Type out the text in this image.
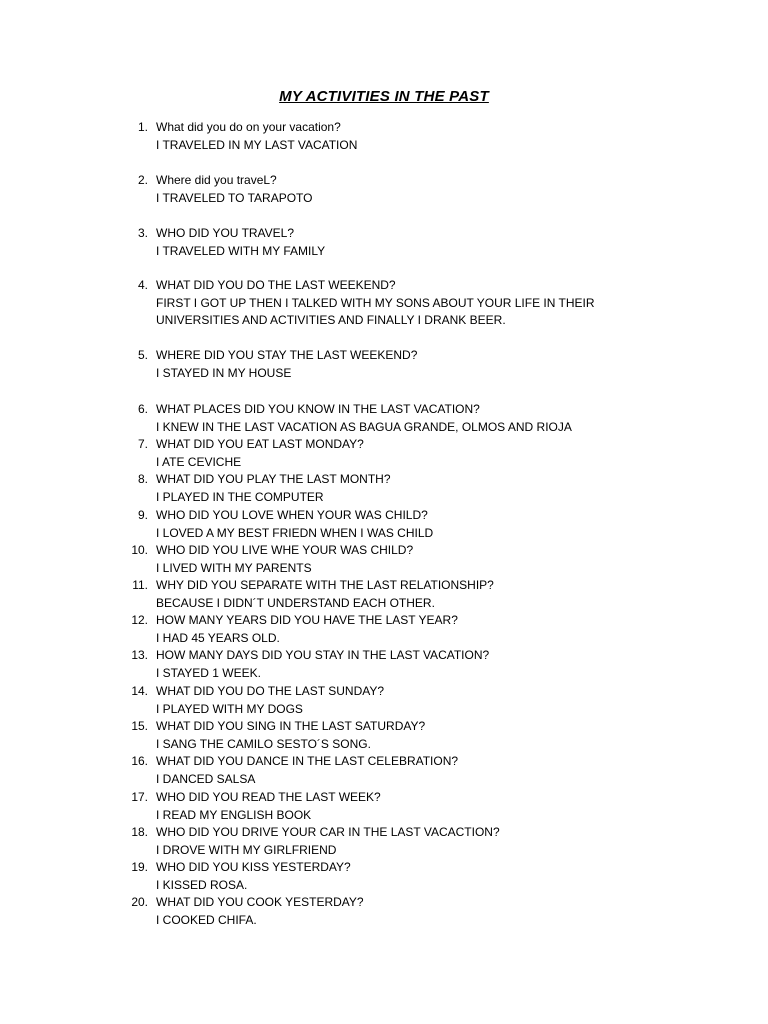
MY ACTIVITIES IN THE PAST
1. What did you do on your vacation?
I TRAVELED IN MY LAST VACATION
2. Where did you traveL?
I TRAVELED TO TARAPOTO
3. WHO DID YOU TRAVEL?
I TRAVELED WITH MY FAMILY
4. WHAT DID YOU DO THE LAST WEEKEND?
FIRST I GOT UP THEN I TALKED WITH MY SONS ABOUT YOUR LIFE IN THEIR
UNIVERSITIES AND ACTIVITIES AND FINALLY I DRANK BEER.
5. WHERE DID YOU STAY THE LAST WEEKEND?
I STAYED IN MY HOUSE
6. WHAT PLACES DID YOU KNOW IN THE LAST VACATION?
I KNEW IN THE LAST VACATION AS BAGUA GRANDE, OLMOS AND RIOJA
7. WHAT DID YOU EAT LAST MONDAY?
I ATE CEVICHE
8. WHAT DID YOU PLAY THE LAST MONTH?
I PLAYED IN THE COMPUTER
9. WHO DID YOU LOVE WHEN YOUR WAS CHILD?
I LOVED A MY BEST FRIEDN WHEN I WAS CHILD
10. WHO DID YOU LIVE WHE YOUR WAS CHILD?
I LIVED WITH MY PARENTS
11. WHY DID YOU SEPARATE WITH THE LAST RELATIONSHIP?
BECAUSE I DIDN´T UNDERSTAND EACH OTHER.
12. HOW MANY YEARS DID YOU HAVE THE LAST YEAR?
I HAD 45 YEARS OLD.
13. HOW MANY DAYS DID YOU STAY IN THE LAST VACATION?
I STAYED 1 WEEK.
14. WHAT DID YOU DO THE LAST SUNDAY?
I PLAYED WITH MY DOGS
15. WHAT DID YOU SING IN THE LAST SATURDAY?
I SANG THE CAMILO SESTO´S SONG.
16. WHAT DID YOU DANCE IN THE LAST CELEBRATION?
I DANCED SALSA
17. WHO DID YOU READ THE LAST WEEK?
I READ MY ENGLISH BOOK
18. WHO DID YOU DRIVE YOUR CAR IN THE LAST VACACTION?
I DROVE WITH MY GIRLFRIEND
19. WHO DID YOU KISS YESTERDAY?
I KISSED ROSA.
20. WHAT DID YOU COOK YESTERDAY?
I COOKED CHIFA.
